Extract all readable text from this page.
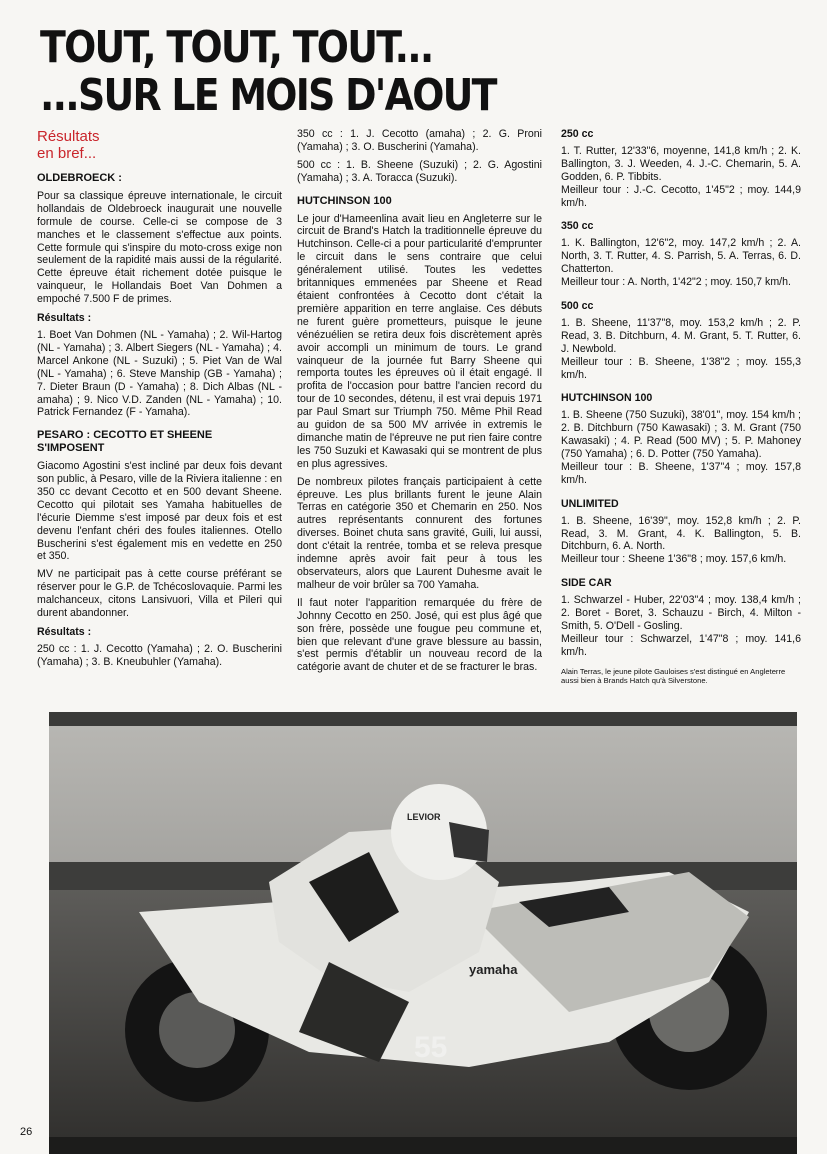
TOUT, TOUT, TOUT...
...SUR LE MOIS D'AOUT
Résultats
en bref...
OLDEBROECK :

Pour sa classique épreuve internationale, le circuit hollandais de Oldebroeck inaugurait une nouvelle formule de course. Celle-ci se compose de 3 manches et le classement s'effectue aux points. Cette formule qui s'inspire du moto-cross exige non seulement de la rapidité mais aussi de la régularité. Cette épreuve était richement dotée puisque le vainqueur, le Hollandais Boet Van Dohmen a empoché 7.500 F de primes.

Résultats :

1. Boet Van Dohmen (NL - Yamaha) ; 2. Wil-Hartog (NL - Yamaha) ; 3. Albert Siegers (NL - Yamaha) ; 4. Marcel Ankone (NL - Suzuki) ; 5. Piet Van de Wal (NL - Yamaha) ; 6. Steve Manship (GB - Yamaha) ; 7. Dieter Braun (D - Yamaha) ; 8. Dich Albas (NL - amaha) ; 9. Nico V.D. Zanden (NL - Yamaha) ; 10. Patrick Fernandez (F - Yamaha).

PESARO : CECOTTO ET SHEENE S'IMPOSENT

Giacomo Agostini s'est incliné par deux fois devant son public, à Pesaro, ville de la Riviera italienne : en 350 cc devant Cecotto et en 500 devant Sheene. Cecotto qui pilotait ses Yamaha habituelles de l'écurie Diemme s'est imposé par deux fois et est devenu l'enfant chéri des foules italiennes. Otello Buscherini s'est également mis en vedette en 250 et 350.

MV ne participait pas à cette course préférant se réserver pour le G.P. de Tchécoslovaquie. Parmi les malchanceux, citons Lansivuori, Villa et Pileri qui durent abandonner.

Résultats :

250 cc : 1. J. Cecotto (Yamaha) ; 2. O. Buscherini (Yamaha) ; 3. B. Kneubuhler (Yamaha).

350 cc : 1. J. Cecotto (amaha) ; 2. G. Proni (Yamaha) ; 3. O. Buscherini (Yamaha).

500 cc : 1. B. Sheene (Suzuki) ; 2. G. Agostini (Yamaha) ; 3. A. Toracca (Suzuki).

HUTCHINSON 100

Le jour d'Hameenlina avait lieu en Angleterre sur le circuit de Brand's Hatch la traditionnelle épreuve du Hutchinson. Celle-ci a pour particularité d'emprunter le circuit dans le sens contraire que celui généralement utilisé. Toutes les vedettes britanniques emmenées par Sheene et Read étaient confrontées à Cecotto dont c'était la première apparition en terre anglaise. Ces débuts ne furent guère prometteurs, puisque le jeune vénézuélien se retira deux fois discrètement après avoir accompli un minimum de tours. Le grand vainqueur de la journée fut Barry Sheene qui remporta toutes les épreuves où il était engagé. Il profita de l'occasion pour battre l'ancien record du tour de 10 secondes, détenu, il est vrai depuis 1971 par Paul Smart sur Triumph 750. Même Phil Read au guidon de sa 500 MV arrivée in extremis le dimanche matin de l'épreuve ne put rien faire contre les 750 Suzuki et Kawasaki qui se montrent de plus en plus agressives.

De nombreux pilotes français participaient à cette épreuve. Les plus brillants furent le jeune Alain Terras en catégorie 350 et Chemarin en 250. Nos autres représentants connurent des fortunes diverses. Boinet chuta sans gravité, Guili, lui aussi, dont c'était la rentrée, tomba et se releva presque indemne après avoir fait peur à tous les observateurs, alors que Laurent Duhesme avait le malheur de voir brûler sa 700 Yamaha.

Il faut noter l'apparition remarquée du frère de Johnny Cecotto en 250. José, qui est plus âgé que son frère, possède une fougue peu commune et, bien que relevant d'une grave blessure au bassin, s'est permis d'établir un nouveau record de la catégorie avant de chuter et de se fracturer le bras.

250 cc

1. T. Rutter, 12'33"6, moyenne, 141,8 km/h ; 2. K. Ballington, 3. J. Weeden, 4. J.-C. Chemarin, 5. A. Godden, 6. P. Tibbits.

Meilleur tour : J.-C. Cecotto, 1'45"2 ; moy. 144,9 km/h.

350 cc

1. K. Ballington, 12'6"2, moy. 147,2 km/h ; 2. A. North, 3. T. Rutter, 4. S. Parrish, 5. A. Terras, 6. D. Chatterton.

Meilleur tour : A. North, 1'42"2 ; moy. 150,7 km/h.

500 cc

1. B. Sheene, 11'37"8, moy. 153,2 km/h ; 2. P. Read, 3. B. Ditchburn, 4. M. Grant, 5. T. Rutter, 6. J. Newbold.

Meilleur tour : B. Sheene, 1'38"2 ; moy. 155,3 km/h.

HUTCHINSON 100

1. B. Sheene (750 Suzuki), 38'01", moy. 154 km/h ; 2. B. Ditchburn (750 Kawasaki) ; 3. M. Grant (750 Kawasaki) ; 4. P. Read (500 MV) ; 5. P. Mahoney (750 Yamaha) ; 6. D. Potter (750 Yamaha).

Meilleur tour : B. Sheene, 1'37"4 ; moy. 157,8 km/h.

UNLIMITED

1. B. Sheene, 16'39", moy. 152,8 km/h ; 2. P. Read, 3. M. Grant, 4. K. Ballington, 5. B. Ditchburn, 6. A. North.

Meilleur tour : Sheene 1'36"8 ; moy. 157,6 km/h.

SIDE CAR

1. Schwarzel - Huber, 22'03"4 ; moy. 138,4 km/h ; 2. Boret - Boret, 3. Schauzu - Birch, 4. Milton - Smith, 5. O'Dell - Gosling.

Meilleur tour : Schwarzel, 1'47"8 ; moy. 141,6 km/h.

Alain Terras, le jeune pilote Gauloises s'est distingué en Angleterre aussi bien à Brands Hatch qu'à Silverstone.
yamaha
55
LEVIOR
26
